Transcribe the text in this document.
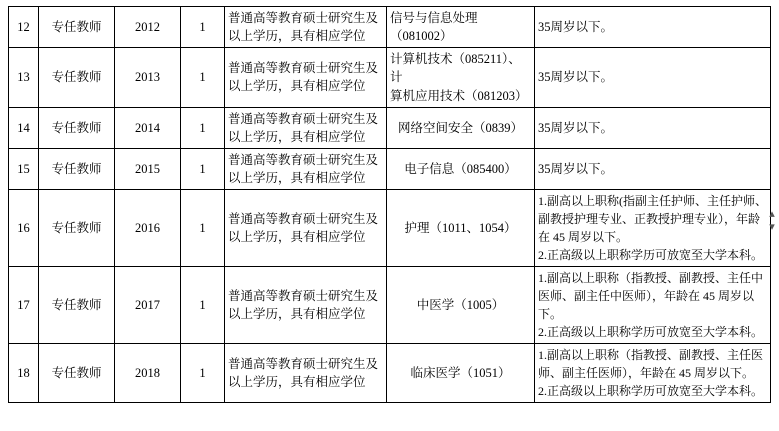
12	专任教师	2012	1	普通高等教育硕士研究生及
以上学历，具有相应学位	信号与信息处理（081002）	35周岁以下。

13	专任教师	2013	1	普通高等教育硕士研究生及
以上学历，具有相应学位	计算机技术（085211）、计
算机应用技术（081203）	35周岁以下。

14	专任教师	2014	1	普通高等教育硕士研究生及
以上学历，具有相应学位	网络空间安全（0839）	35周岁以下。

15	专任教师	2015	1	普通高等教育硕士研究生及
以上学历，具有相应学位	电子信息（085400）	35周岁以下。

16	专任教师	2016	1	普通高等教育硕士研究生及
以上学历，具有相应学位	护理（1011、1054）	1.副高以上职称(指副主任护师、主任护师、
副教授护理专业、正教授护理专业），年龄
在 45 周岁以下。
2.正高级以上职称学历可放宽至大学本科。

17	专任教师	2017	1	普通高等教育硕士研究生及
以上学历，具有相应学位	中医学（1005）	1.副高以上职称（指教授、副教授、主任中
医师、副主任中医师），年龄在 45 周岁以
下。
2.正高级以上职称学历可放宽至大学本科。

18	专任教师	2018	1	普通高等教育硕士研究生及
以上学历，具有相应学位	临床医学（1051）	1.副高以上职称（指教授、副教授、主任医
师、副主任医师），年龄在 45 周岁以下。
2.正高级以上职称学历可放宽至大学本科。
▴
▾
